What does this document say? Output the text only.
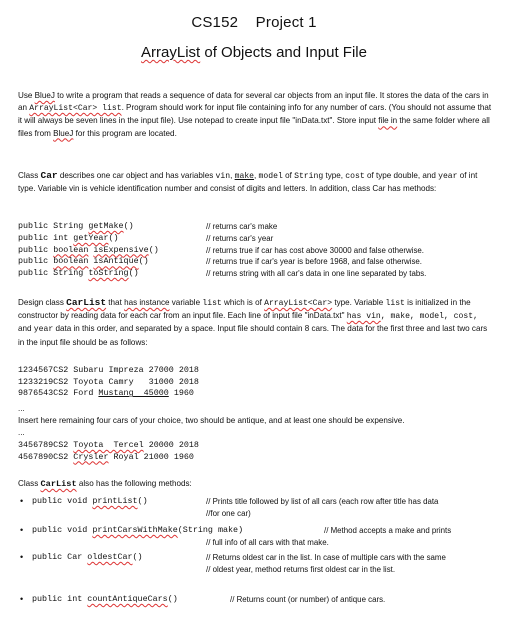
CS152 Project 1
ArrayList of Objects and Input File
Use BlueJ to write a program that reads a sequence of data for several car objects from an input file. It stores the data of the cars in an ArrayList<Car> list. Program should work for input file containing info for any number of cars. (You should not assume that it will always be seven lines in the input file). Use notepad to create input file "inData.txt". Store input file in the same folder where all files from BlueJ for this program are located.
Class Car describes one car object and has variables vin, make, model of String type, cost of type double, and year of int type. Variable vin is vehicle identification number and consist of digits and letters. In addition, class Car has methods:
public String getMake()	// returns car's make
public int getYear()	// returns car's year
public boolean isExpensive()	// returns true if car has cost above 30000 and false otherwise.
public boolean isAntique()	// returns true if car's year is before 1968, and false otherwise.
public String toString()	// returns string with all car's data in one line separated by tabs.
Design class CarList that has instance variable list which is of ArrayList<Car> type. Variable list is initialized in the constructor by reading data for each car from an input file. Each line of input file "inData.txt" has vin, make, model, cost, and year data in this order, and separated by a space. Input file should contain 8 cars. The data for the first three and last two cars in the input file should be as follows:
1234567CS2 Subaru Impreza 27000 2018
1233219CS2 Toyota Camry   31000 2018
9876543CS2 Ford Mustang  45000 1960
...
Insert here remaining four cars of your choice, two should be antique, and at least one should be expensive.
...
3456789CS2 Toyota  Tercel 20000 2018
4567890CS2 Crysler Royal 21000 1960
Class CarList also has the following methods:
• public void printList()	// Prints title followed by list of all cars (each row after title has data
//for one car)
• public void printCarsWithMake(String make)	// Method accepts a make and prints
// full info of all cars with that make.
• public Car oldestCar()	// Returns oldest car in the list. In case of multiple cars with the same
// oldest year, method returns first oldest car in the list.
• public int countAntiqueCars()	// Returns count (or number) of antique cars.
